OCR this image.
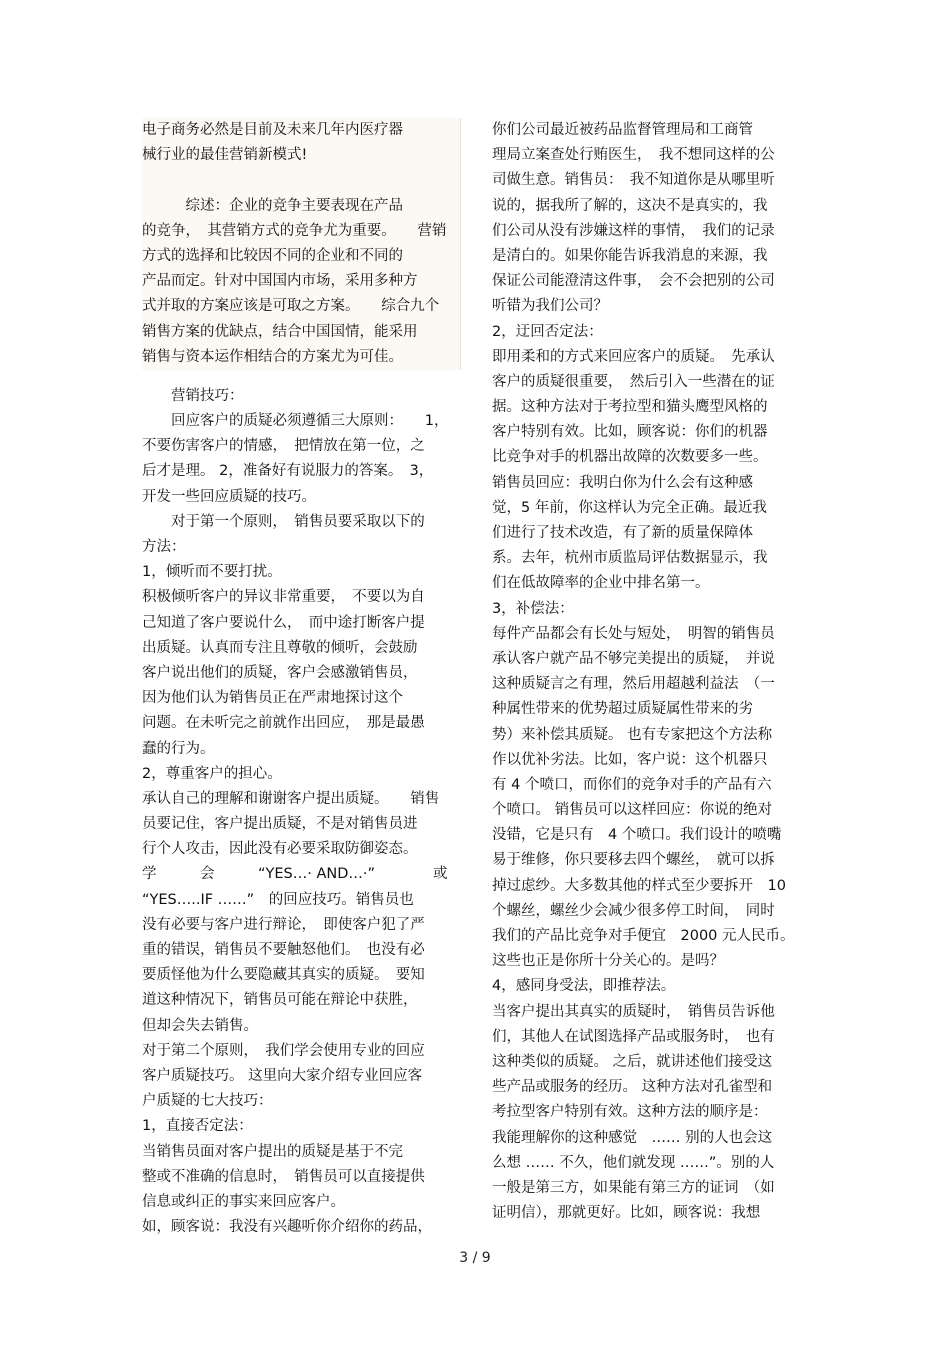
电子商务必然是目前及未来几年内医疗器
械行业的最佳营销新模式!
　　　综述：企业的竞争主要表现在产品
的竞争，　其营销方式的竞争尤为重要。　　营销
方式的选择和比较因不同的企业和不同的
产品而定。针对中国国内市场，采用多种方
式并取的方案应该是可取之方案。　　综合九个
销售方案的优缺点，结合中国国情，能采用
销售与资本运作相结合的方案尤为可佳。
　　营销技巧：
　　回应客户的质疑必须遵循三大原则：　　1，
不要伤害客户的情感，　把情放在第一位，之
后才是理。 2，准备好有说服力的答案。　3，
开发一些回应质疑的技巧。
　　对于第一个原则，　销售员要采取以下的
方法：
1，倾听而不要打扰。
积极倾听客户的异议非常重要，　不要以为自
己知道了客户要说什么，　而中途打断客户提
出质疑。认真而专注且尊敬的倾听，会鼓励
客户说出他们的质疑，客户会感激销售员，
因为他们认为销售员正在严肃地探讨这个
问题。在未听完之前就作出回应，　那是最愚
蠢的行为。
2，尊重客户的担心。
承认自己的理解和谢谢客户提出质疑。　　销售
员要记住，客户提出质疑，不是对销售员进
行个人攻击，因此没有必要采取防御姿态。
学　　　会　　　“YES…· AND…·”　　　　或
“YES…..IF ……”　的回应技巧。销售员也
没有必要与客户进行辩论，　即使客户犯了严
重的错误，销售员不要触怒他们。　也没有必
要质怪他为什么要隐藏其真实的质疑。　要知
道这种情况下，销售员可能在辩论中获胜，
但却会失去销售。
对于第二个原则，　我们学会使用专业的回应
客户质疑技巧。 这里向大家介绍专业回应客
户质疑的七大技巧：
1，直接否定法：
当销售员面对客户提出的质疑是基于不完
整或不准确的信息时，　销售员可以直接提供
信息或纠正的事实来回应客户。
如，顾客说：我没有兴趣听你介绍你的药品，
你们公司最近被药品监督管理局和工商管
理局立案查处行贿医生，　我不想同这样的公
司做生意。销售员：　我不知道你是从哪里听
说的，据我所了解的，这决不是真实的，我
们公司从没有涉嫌这样的事情，　我们的记录
是清白的。如果你能告诉我消息的来源，我
保证公司能澄清这件事，　会不会把别的公司
听错为我们公司？
2，迂回否定法：
即用柔和的方式来回应客户的质疑。　先承认
客户的质疑很重要，　然后引入一些潜在的证
据。这种方法对于考拉型和猫头鹰型风格的
客户特别有效。比如，顾客说：你们的机器
比竞争对手的机器出故障的次数要多一些。
销售员回应：我明白你为什么会有这种感
觉，5 年前，你这样认为完全正确。最近我
们进行了技术改造，有了新的质量保障体
系。去年，杭州市质监局评估数据显示，我
们在低故障率的企业中排名第一。
3，补偿法：
每件产品都会有长处与短处，　明智的销售员
承认客户就产品不够完美提出的质疑，　并说
这种质疑言之有理，然后用超越利益法　（一
种属性带来的优势超过质疑属性带来的劣
势）来补偿其质疑。 也有专家把这个方法称
作以优补劣法。比如，客户说：这个机器只
有 4 个喷口，而你们的竞争对手的产品有六
个喷口。 销售员可以这样回应：你说的绝对
没错，它是只有　4 个喷口。我们设计的喷嘴
易于维修，你只要移去四个螺丝，　就可以拆
掉过虑纱。大多数其他的样式至少要拆开　10
个螺丝，螺丝少会减少很多停工时间，　同时
我们的产品比竞争对手便宜　2000 元人民币。
这些也正是你所十分关心的。是吗？
4，感同身受法，即推荐法。
当客户提出其真实的质疑时，　销售员告诉他
们，其他人在试图选择产品或服务时，　也有
这种类似的质疑。 之后，就讲述他们接受这
些产品或服务的经历。 这种方法对孔雀型和
考拉型客户特别有效。这种方法的顺序是：
我能理解你的这种感觉　…… 别的人也会这
么想 …… 不久，他们就发现 ……”。别的人
一般是第三方，如果能有第三方的证词　（如
证明信），那就更好。比如，顾客说：我想
3 / 9
